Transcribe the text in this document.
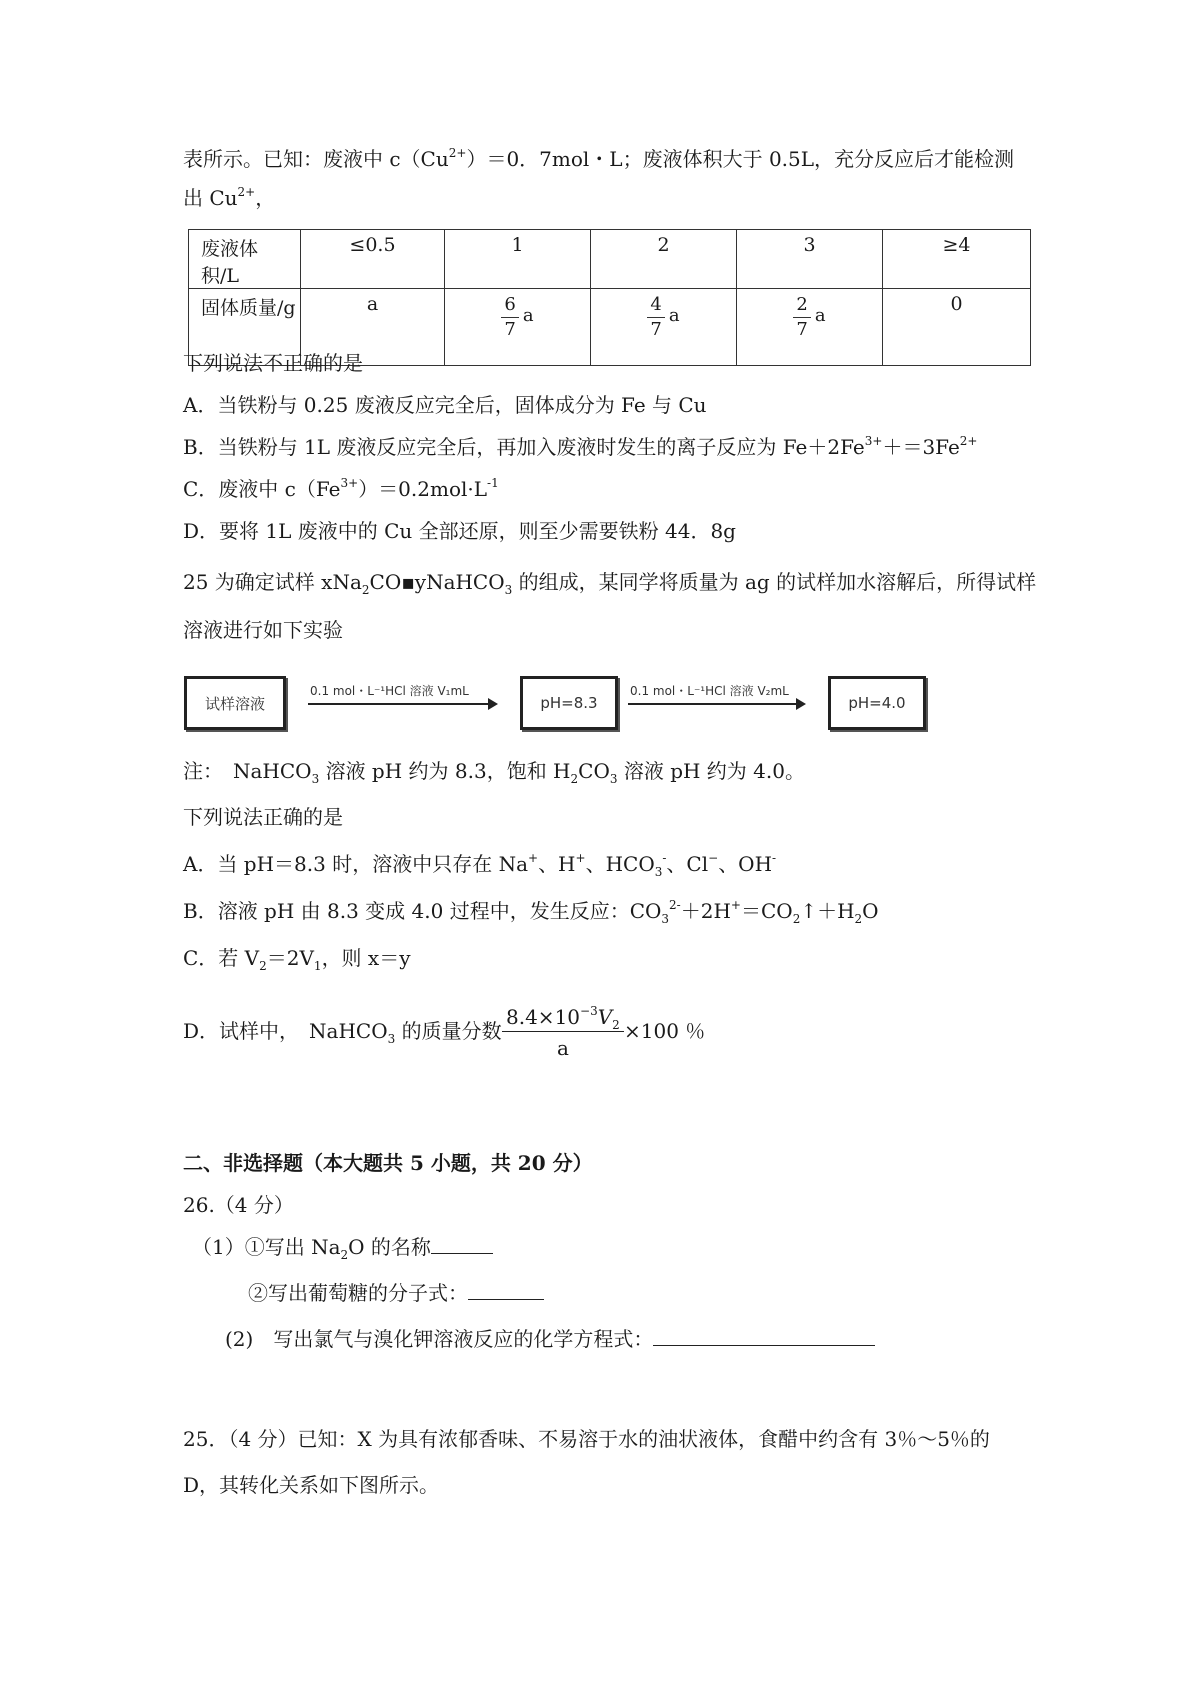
表所示。已知：废液中 $c(Cu^{2+})=0$．7mol・L；废液体积大于 0.5L，充分反应后才能检测
出 $Cu^{2+}$，
废液体积/L	≤0.5	1	2	3	≥4
固体质量/g	a	$\frac{6}{7}$ a	$\frac{4}{7}$ a	$\frac{2}{7}$ a	0
下列说法不正确的是
A．当铁粉与 0.25 废液反应完全后，固体成分为 Fe 与 Cu
B．当铁粉与 1L 废液反应完全后，再加入废液时发生的离子反应为 $Fe+2Fe^{3+}+=3Fe^{2+}$
C．废液中 $c(Fe^{3+})=0.2mol\cdot L^{-1}$
D．要将 1L 废液中的 Cu 全部还原，则至少需要铁粉 44．8g
25 为确定试样 xNa$_2$CO▪yNaHCO$_3$ 的组成，某同学将质量为 ag 的试样加水溶解后，所得试样
溶液进行如下实验
试样溶液
0.1 mol・L⁻¹HCl 溶液 V₁mL
pH=8.3
0.1 mol・L⁻¹HCl 溶液 V₂mL
pH=4.0
注：　NaHCO$_3$ 溶液 pH 约为 8.3，饱和 $H_2CO_3$ 溶液 pH 约为 4.0。
下列说法正确的是
A．当 pH＝8.3 时，溶液中只存在 Na+、H+、$HCO_3^-$、Cl−、OH-
B．溶液 pH 由 8.3 变成 4.0 过程中，发生反应：$CO_3^{2-}+2H^+=CO_2↑+H_2O$
C．若 $V_2=2V_1$，则 x＝y
D．试样中，　NaHCO$_3$ 的质量分数 $\frac{8.4\times 10^{-3}V_2}{a} \times 100$ ％
二、非选择题（本大题共 5 小题，共 20 分）
26.（4 分）
（1）①写出 $Na_2O$ 的名称
②写出葡萄糖的分子式：
(2)　写出氯气与溴化钾溶液反应的化学方程式：
25．（4 分）已知：X 为具有浓郁香味、不易溶于水的油状液体，食醋中约含有 3％～5％的
D，其转化关系如下图所示。
